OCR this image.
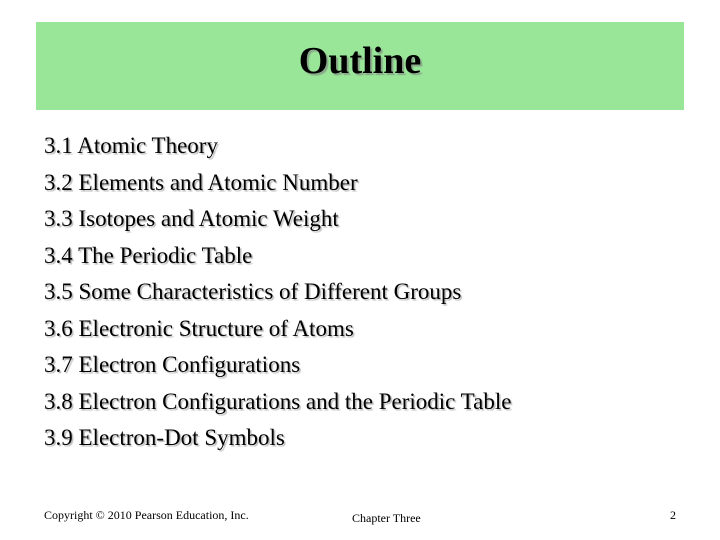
Outline
3.1 Atomic Theory
3.2 Elements and Atomic Number
3.3 Isotopes and Atomic Weight
3.4 The Periodic Table
3.5 Some Characteristics of Different Groups
3.6 Electronic Structure of Atoms
3.7 Electron Configurations
3.8 Electron Configurations and the Periodic Table
3.9 Electron-Dot Symbols
Copyright © 2010 Pearson Education, Inc.	Chapter Three	2
